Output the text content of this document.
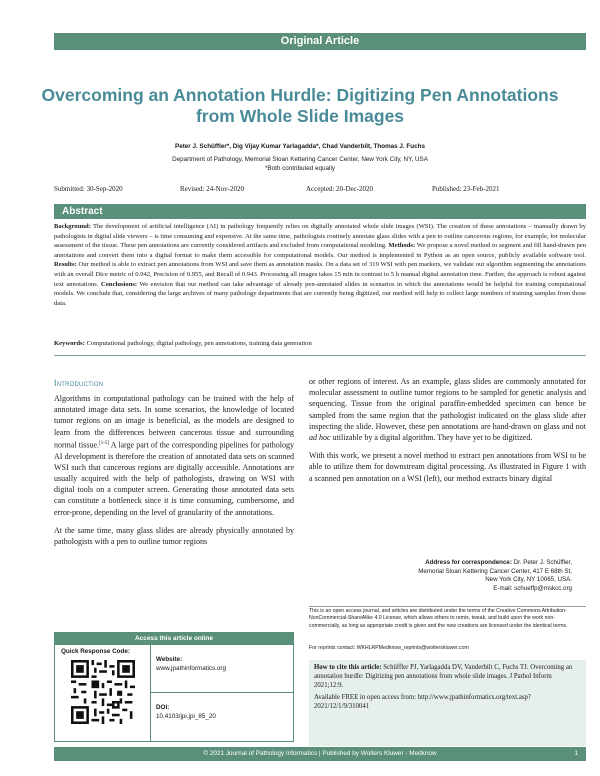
Original Article
Overcoming an Annotation Hurdle: Digitizing Pen Annotations from Whole Slide Images
Peter J. Schüffler*, Dig Vijay Kumar Yarlagadda*, Chad Vanderbilt, Thomas J. Fuchs
Department of Pathology, Memorial Sloan Kettering Cancer Center, New York City, NY, USA
*Both contributed equally
Submitted: 30-Sep-2020	Revised: 24-Nov-2020	Accepted: 20-Dec-2020	Published: 23-Feb-2021
Abstract
Background: The development of artificial intelligence (AI) in pathology frequently relies on digitally annotated whole slide images (WSI). The creation of these annotations – manually drawn by pathologists in digital slide viewers – is time consuming and expensive. At the same time, pathologists routinely annotate glass slides with a pen to outline cancerous regions, for example, for molecular assessment of the tissue. These pen annotations are currently considered artifacts and excluded from computational modeling. Methods: We propose a novel method to segment and fill hand-drawn pen annotations and convert them into a digital format to make them accessible for computational models. Our method is implemented in Python as an open source, publicly available software tool. Results: Our method is able to extract pen annotations from WSI and save them as annotation masks. On a data set of 319 WSI with pen markers, we validate our algorithm segmenting the annotations with an overall Dice metric of 0.942, Precision of 0.955, and Recall of 0.943. Processing all images takes 15 min in contrast to 5 h manual digital annotation time. Further, the approach is robust against text annotations. Conclusions: We envision that our method can take advantage of already pen-annotated slides in scenarios in which the annotations would be helpful for training computational models. We conclude that, considering the large archives of many pathology departments that are currently being digitized, our method will help to collect large numbers of training samples from those data.
Keywords: Computational pathology, digital pathology, pen annotations, training data generation
Introduction

Algorithms in computational pathology can be trained with the help of annotated image data sets. In some scenarios, the knowledge of located tumor regions on an image is beneficial, as the models are designed to learn from the differences between cancerous tissue and surrounding normal tissue.[1-5] A large part of the corresponding pipelines for pathology AI development is therefore the creation of annotated data sets on scanned WSI such that cancerous regions are digitally accessible. Annotations are usually acquired with the help of pathologists, drawing on WSI with digital tools on a computer screen. Generating those annotated data sets can constitute a bottleneck since it is time consuming, cumbersome, and error-prone, depending on the level of granularity of the annotations.

At the same time, many glass slides are already physically annotated by pathologists with a pen to outline tumor regions

or other regions of interest. As an example, glass slides are commonly annotated for molecular assessment to outline tumor regions to be sampled for genetic analysis and sequencing. Tissue from the original paraffin-embedded specimen can hence be sampled from the same region that the pathologist indicated on the glass slide after inspecting the slide. However, these pen annotations are hand-drawn on glass and not ad hoc utilizable by a digital algorithm. They have yet to be digitized.

With this work, we present a novel method to extract pen annotations from WSI to be able to utilize them for downstream digital processing. As illustrated in Figure 1 with a scanned pen annotation on a WSI (left), our method extracts binary digital

Address for correspondence: Dr. Peter J. Schüffler,
Memorial Sloan Kettering Cancer Center, 417 E 68th St,
New York City, NY 10065, USA.
E-mail: schueffp@mskcc.org
This is an open access journal, and articles are distributed under the terms of the Creative Commons Attribution-NonCommercial-ShareAlike 4.0 License, which allows others to remix, tweak, and build upon the work non-commercially, as long as appropriate credit is given and the new creations are licensed under the identical terms.
For reprints contact: WKHLRPMedknow_reprints@wolterskluwer.com

How to cite this article: Schüffler PJ, Yarlagadda DV, Vanderbilt C, Fuchs TJ. Overcoming an annotation hurdle: Digitizing pen annotations from whole slide images. J Pathol Inform 2021;12:9.

Available FREE in open access from: http://www.jpathinformatics.org/text.asp?2021/12/1/9/310041

Access this article online
Quick Response Code:
Website:
www.jpathinformatics.org
DOI:
10.4103/jpi.jpi_85_20
© 2021 Journal of Pathology Informatics | Published by Wolters Kluwer - Medknow	1
